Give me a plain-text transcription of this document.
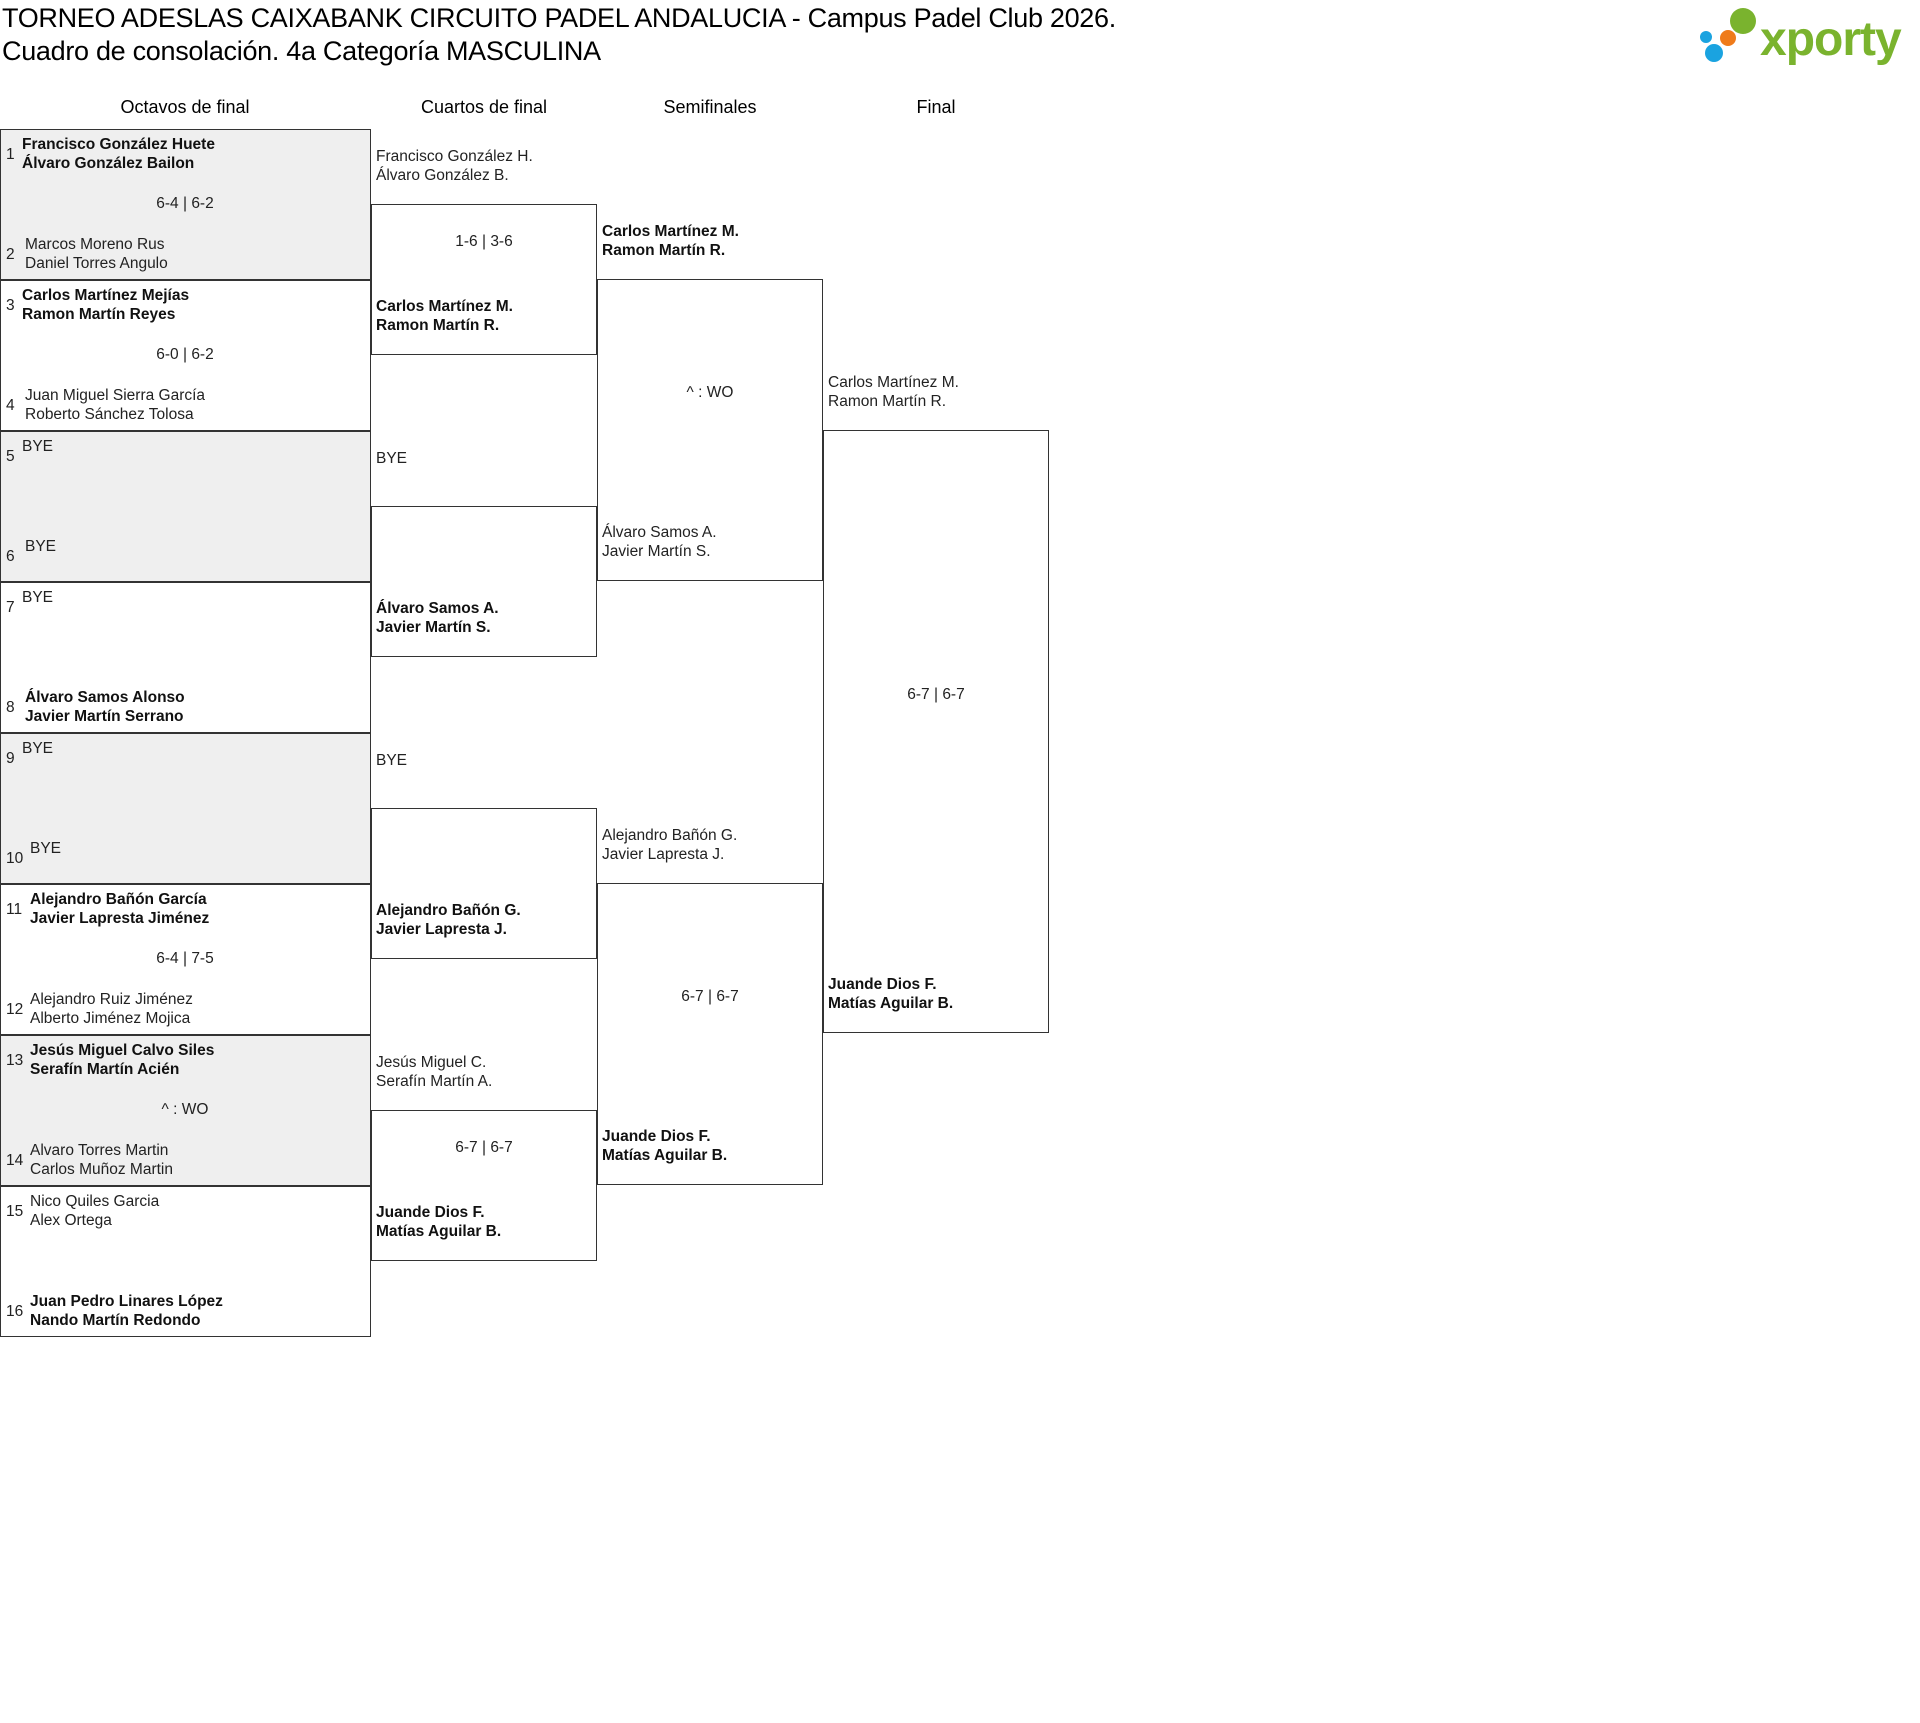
TORNEO ADESLAS CAIXABANK CIRCUITO PADEL ANDALUCIA - Campus Padel Club 2026.
Cuadro de consolación. 4a Categoría MASCULINA	xporty
Octavos de final	Cuartos de final	Semifinales	Final
1
2
Francisco González Huete
Álvaro González Bailon
Marcos Moreno Rus
Daniel Torres Angulo
6-4 | 6-2
3
4
Carlos Martínez Mejías
Ramon Martín Reyes
Juan Miguel Sierra García
Roberto Sánchez Tolosa
6-0 | 6-2
5
6
BYE
BYE
7
8
BYE
Álvaro Samos Alonso
Javier Martín Serrano
9
10
BYE
BYE
11
12
Alejandro Bañón García
Javier Lapresta Jiménez
Alejandro Ruiz Jiménez
Alberto Jiménez Mojica
6-4 | 7-5
13
14
Jesús Miguel Calvo Siles
Serafín Martín Acién
Alvaro Torres Martin
Carlos Muñoz Martin
^ : WO
15
16
Nico Quiles Garcia
Alex Ortega
Juan Pedro Linares López
Nando Martín Redondo
Francisco González H.
Álvaro González B.
Carlos Martínez M.
Ramon Martín R.
1-6 | 3-6
BYE
Álvaro Samos A.
Javier Martín S.
BYE
Alejandro Bañón G.
Javier Lapresta J.
Jesús Miguel C.
Serafín Martín A.
Juande Dios F.
Matías Aguilar B.
6-7 | 6-7
Carlos Martínez M.
Ramon Martín R.
Álvaro Samos A.
Javier Martín S.
^ : WO
Alejandro Bañón G.
Javier Lapresta J.
Juande Dios F.
Matías Aguilar B.
6-7 | 6-7
Carlos Martínez M.
Ramon Martín R.
Juande Dios F.
Matías Aguilar B.
6-7 | 6-7
